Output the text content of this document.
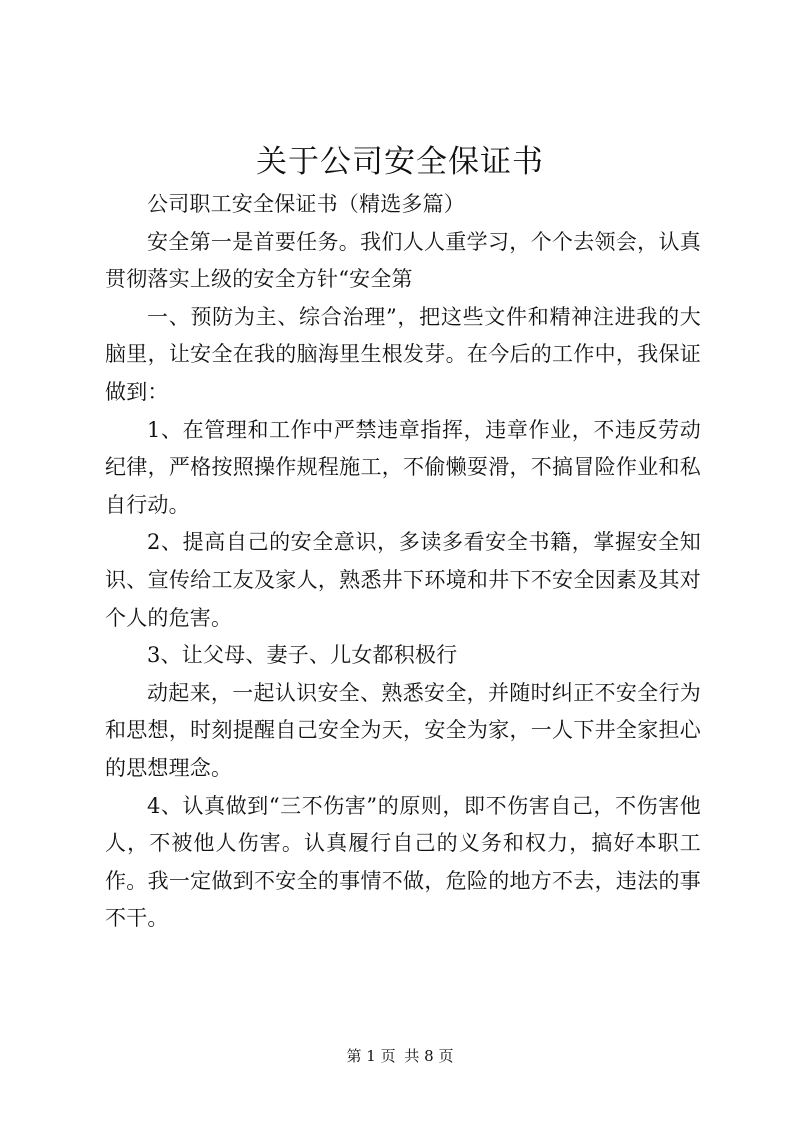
关于公司安全保证书

公司职工安全保证书（精选多篇）

安全第一是首要任务。我们人人重学习，个个去领会，认真贯彻落实上级的安全方针“安全第

一、预防为主、综合治理”，把这些文件和精神注进我的大脑里，让安全在我的脑海里生根发芽。在今后的工作中，我保证做到：

1、在管理和工作中严禁违章指挥，违章作业，不违反劳动纪律，严格按照操作规程施工，不偷懒耍滑，不搞冒险作业和私自行动。

2、提高自己的安全意识，多读多看安全书籍，掌握安全知识、宣传给工友及家人，熟悉井下环境和井下不安全因素及其对个人的危害。

3、让父母、妻子、儿女都积极行

动起来，一起认识安全、熟悉安全，并随时纠正不安全行为和思想，时刻提醒自己安全为天，安全为家，一人下井全家担心的思想理念。

4、认真做到“三不伤害”的原则，即不伤害自己，不伤害他人，不被他人伤害。认真履行自己的义务和权力，搞好本职工作。我一定做到不安全的事情不做，危险的地方不去，违法的事不干。

第 1 页 共 8 页
